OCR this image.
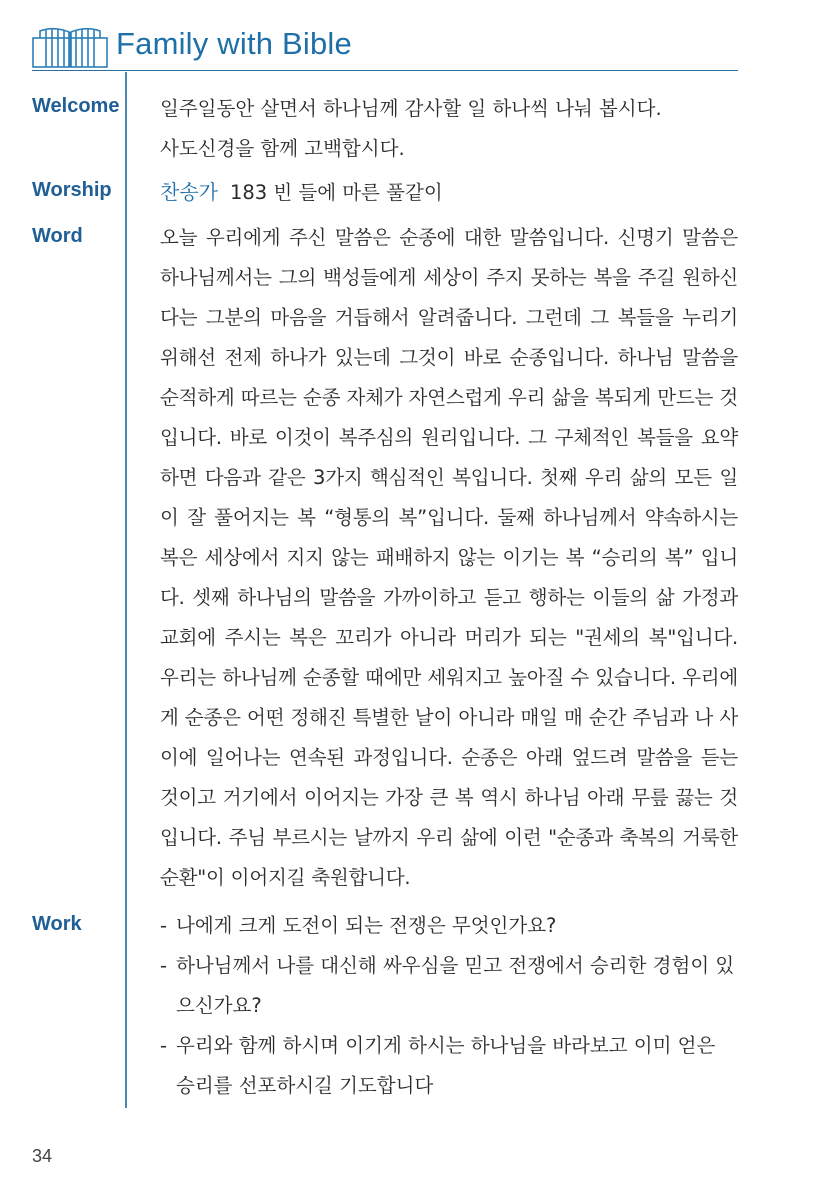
Family with Bible
Welcome 일주일동안 살면서 하나님께 감사할 일 하나씩 나눠 봅시다.
사도신경을 함께 고백합시다.
Worship 찬송가 183 빈 들에 마른 풀같이
Word	오늘 우리에게 주신 말씀은 순종에 대한 말씀입니다. 신명기 말씀은 하나님께서는 그의 백성들에게 세상이 주지 못하는 복을 주길 원하신다는 그분의 마음을 거듭해서 알려줍니다. 그런데 그 복들을 누리기 위해선 전제 하나가 있는데 그것이 바로 순종입니다. 하나님 말씀을 순적하게 따르는 순종 자체가 자연스럽게 우리 삶을 복되게 만드는 것입니다. 바로 이것이 복주심의 원리입니다. 그 구체적인 복들을 요약하면 다음과 같은 3가지 핵심적인 복입니다. 첫째 우리 삶의 모든 일이 잘 풀어지는 복 “형통의 복”입니다. 둘째 하나님께서 약속하시는 복은 세상에서 지지 않는 패배하지 않는 이기는 복 “승리의 복” 입니다. 셋째 하나님의 말씀을 가까이하고 듣고 행하는 이들의 삶 가정과 교회에 주시는 복은 꼬리가 아니라 머리가 되는 "권세의 복"입니다. 우리는 하나님께 순종할 때에만 세워지고 높아질 수 있습니다. 우리에게 순종은 어떤 정해진 특별한 날이 아니라 매일 매 순간 주님과 나 사이에 일어나는 연속된 과정입니다. 순종은 아래 엎드려 말씀을 듣는 것이고 거기에서 이어지는 가장 큰 복 역시 하나님 아래 무릎 끓는 것입니다. 주님 부르시는 날까지 우리 삶에 이런 "순종과 축복의 거룩한 순환"이 이어지길 축원합니다.
Work	- 나에게 크게 도전이 되는 전쟁은 무엇인가요?
- 하나님께서 나를 대신해 싸우심을 믿고 전쟁에서 승리한 경험이 있으신가요?
- 우리와 함께 하시며 이기게 하시는 하나님을 바라보고 이미 얻은 승리를 선포하시길 기도합니다
34
